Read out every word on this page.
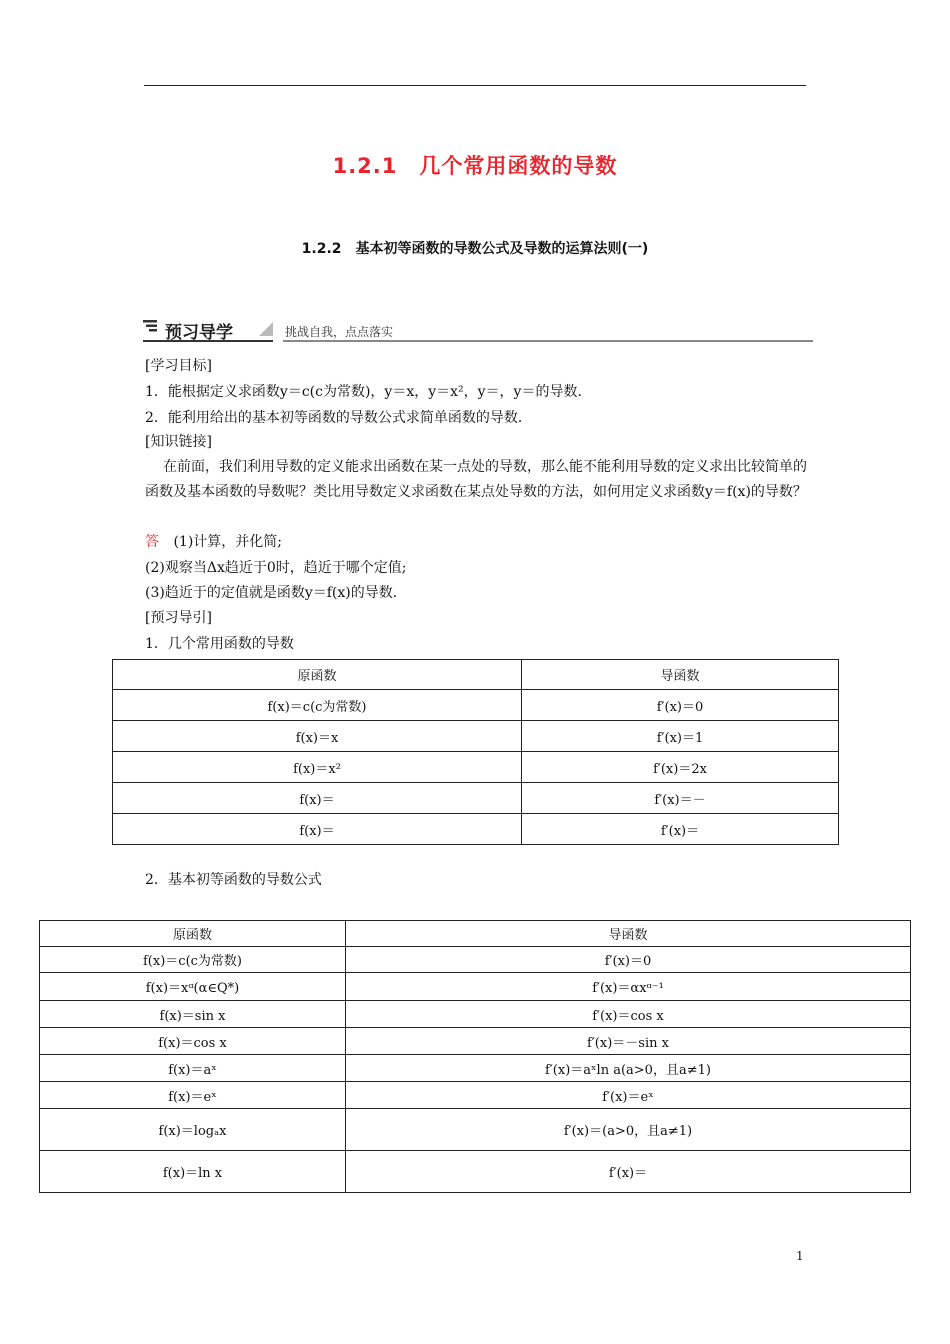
1.2.1　几个常用函数的导数
1.2.2　基本初等函数的导数公式及导数的运算法则(一)
预习导学	挑战自我，点点落实
[学习目标]
1．能根据定义求函数y＝c(c为常数)，y＝x，y＝x²，y＝，y＝的导数．
2．能利用给出的基本初等函数的导数公式求简单函数的导数．
[知识链接]
在前面，我们利用导数的定义能求出函数在某一点处的导数，那么能不能利用导数的定义求出比较简单的函数及基本函数的导数呢？类比用导数定义求函数在某点处导数的方法，如何用定义求函数y＝f(x)的导数？
答 (1)计算，并化简;
(2)观察当Δx趋近于0时，趋近于哪个定值;
(3)趋近于的定值就是函数y＝f(x)的导数．
[预习导引]
1．几个常用函数的导数
原函数	导函数
f(x)＝c(c为常数)	f′(x)＝0
f(x)＝x	f′(x)＝1
f(x)＝x²	f′(x)＝2x
f(x)＝	f′(x)＝－
f(x)＝	f′(x)＝
2．基本初等函数的导数公式
原函数	导函数
f(x)＝c(c为常数)	f′(x)＝0
f(x)＝xᵅ(α∈Q*)	f′(x)＝αxᵅ⁻¹
f(x)＝sin x	f′(x)＝cos x
f(x)＝cos x	f′(x)＝－sin x
f(x)＝aˣ	f′(x)＝aˣln a(a>0，且a≠1)
f(x)＝eˣ	f′(x)＝eˣ
f(x)＝logₐx	f′(x)＝(a>0，且a≠1)
f(x)＝ln x	f′(x)＝
1
